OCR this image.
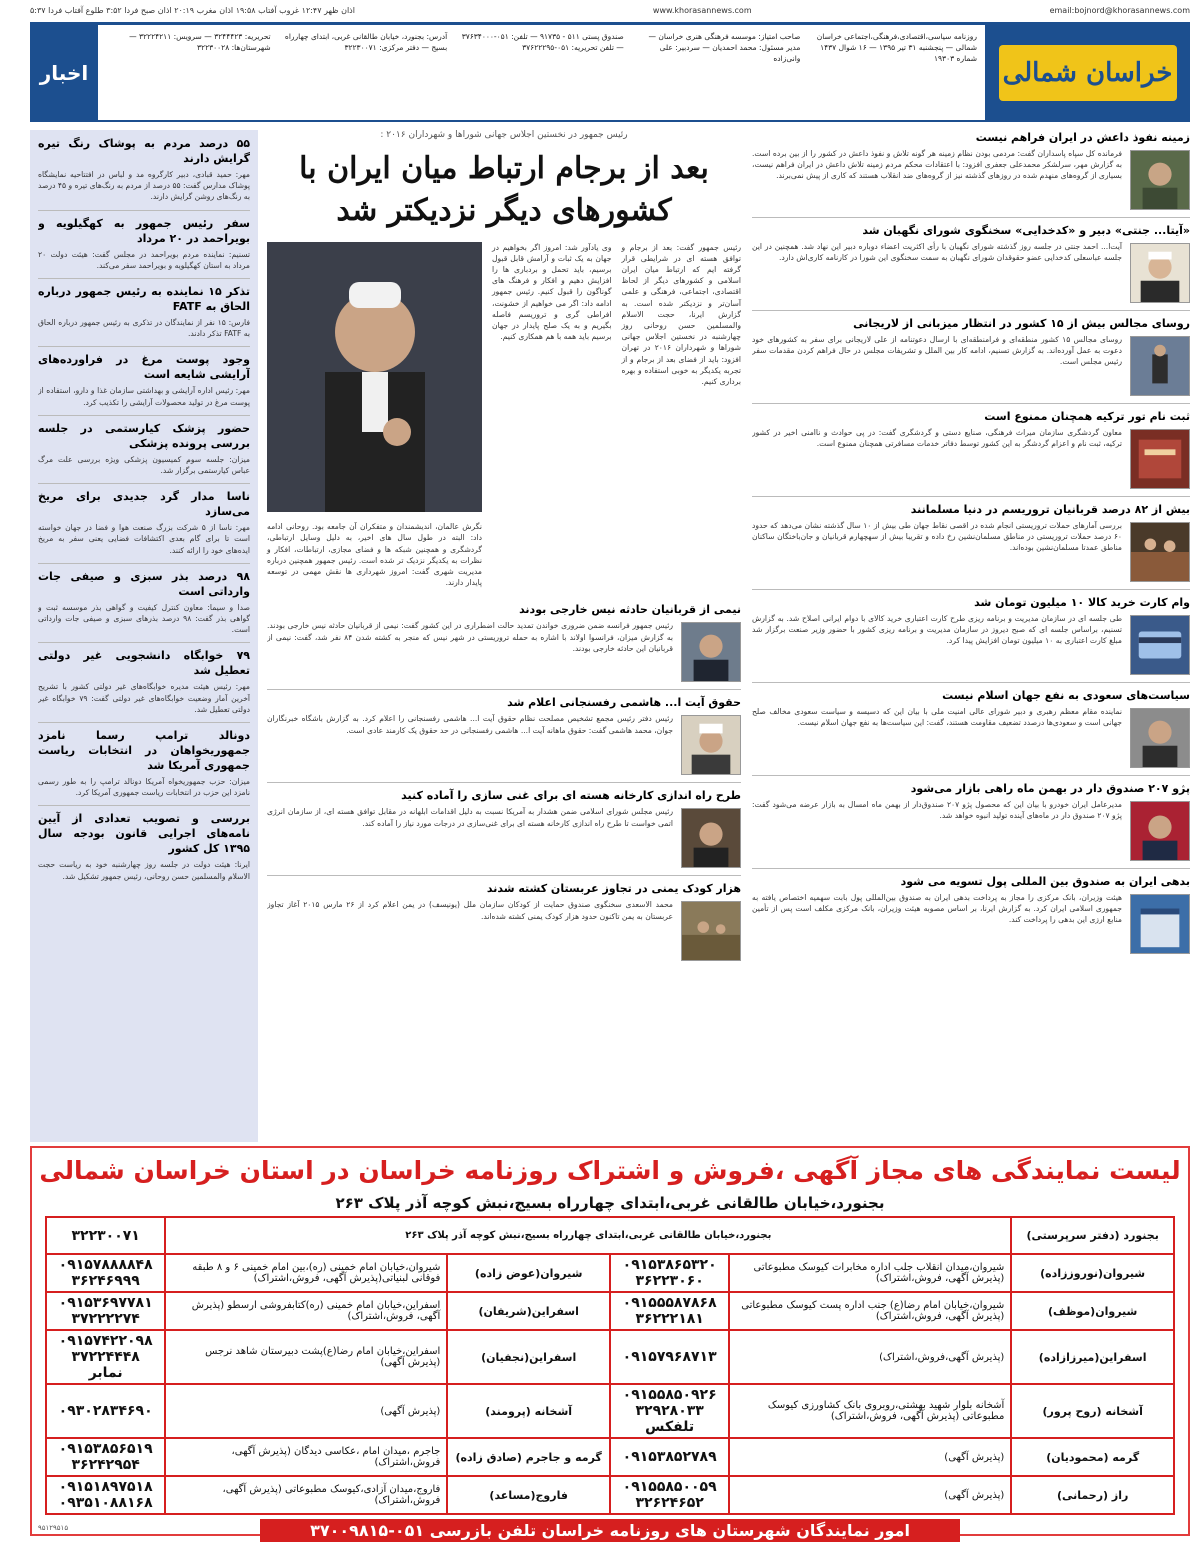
اذان ظهر ۱۲:۴۷ غروب آفتاب ۱۹:۵۸ اذان مغرب ۲۰:۱۹ اذان صبح فردا ۳:۵۲ طلوع آفتاب فردا ۵:۳۷	www.khorasannews.com	email:bojnord@khorasannews.com
خراسان شمالی
روزنامه سیاسی،اقتصادی،فرهنگی،اجتماعی خراسان شمالی — پنجشنبه ۳۱ تیر ۱۳۹۵ — ۱۶ شوال ۱۴۳۷ شماره ۱۹۳۰۳
صاحب امتیاز: موسسه فرهنگی هنری خراسان — مدیر مسئول: محمد احمدیان — سردبیر: علی وانی‌زاده
صندوق پستی ۵۱۱ - ۹۱۷۳۵ — تلفن: ۰۵۱-۳۷۶۳۴۰۰۰ — تلفن تحریریه: ۰۵۱-۳۷۶۲۲۲۹۵
آدرس: بجنورد، خیابان طالقانی غربی، ابتدای چهارراه بسیج — دفتر مرکزی: ۳۲۲۳۰۰۷۱
تحریریه: ۳۲۴۴۴۲۳ — سرویس: ۳۲۲۲۴۲۱۱ — شهرستان‌ها: ۳۲۲۳۰۰۲۸
اخبار
زمینه نفوذ داعش در ایران فراهم نیست

فرمانده کل سپاه پاسداران گفت: مردمی بودن نظام زمینه هر گونه تلاش و نفوذ داعش در کشور را از بین برده است. به گزارش مهر، سرلشکر محمدعلی جعفری افزود: با اعتقادات محکم مردم زمینه تلاش داعش در ایران فراهم نیست، بسیاری از گروه‌های منهدم شده در روزهای گذشته نیز از گروه‌های ضد انقلاب هستند که کاری از پیش نمی‌برند.

«آیتا... جنتی» دبیر و «کدخدایی» سخنگوی شورای نگهبان شد

آیت‌ا... احمد جنتی در جلسه روز گذشته شورای نگهبان با رأی اکثریت اعضاء دوباره دبیر این نهاد شد. همچنین در این جلسه عباسعلی کدخدایی عضو حقوقدان شورای نگهبان به سمت سخنگوی این شورا در کارنامه کاری‌اش دارد.

روسای مجالس بیش از ۱۵ کشور در انتظار میزبانی از لاریجانی

روسای مجالس ۱۵ کشور منطقه‌ای و فرامنطقه‌ای با ارسال دعوتنامه از علی لاریجانی برای سفر به کشورهای خود دعوت به عمل آورده‌اند. به گزارش تسنیم، ادامه کار بین الملل و تشریفات مجلس در حال فراهم کردن مقدمات سفر رئیس مجلس است.

ثبت نام تور ترکیه همچنان ممنوع است

معاون گردشگری سازمان میراث فرهنگی، صنایع دستی و گردشگری گفت: در پی حوادث و ناامنی اخیر در کشور ترکیه، ثبت نام و اعزام گردشگر به این کشور توسط دفاتر خدمات مسافرتی همچنان ممنوع است.

بیش از ۸۲ درصد قربانیان تروریسم در دنیا مسلمانند

بررسی آمارهای حملات تروریستی انجام شده در اقصی نقاط جهان طی بیش از ۱۰ سال گذشته نشان می‌دهد که حدود ۶۰ درصد حملات تروریستی در مناطق مسلمان‌نشین رخ داده و تقریبا بیش از سهچهارم قربانیان و جان‌باختگان ساکنان مناطق عمدتا مسلمان‌نشین بوده‌اند.

وام کارت خرید کالا ۱۰ میلیون تومان شد

طی جلسه ای در سازمان مدیریت و برنامه ریزی طرح کارت اعتباری خرید کالای با دوام ایرانی اصلاح شد. به گزارش تسنیم، براساس جلسه ای که صبح دیروز در سازمان مدیریت و برنامه ریزی کشور با حضور وزیر صنعت برگزار شد مبلغ کارت اعتباری به ۱۰ میلیون تومان افزایش پیدا کرد.

سیاست‌های سعودی به نفع جهان اسلام نیست

نماینده مقام معظم رهبری و دبیر شورای عالی امنیت ملی با بیان این که دسیسه و سیاست سعودی مخالف صلح جهانی است و سعودی‌ها درصدد تضعیف مقاومت هستند، گفت: این سیاست‌ها به نفع جهان اسلام نیست.

پژو ۲۰۷ صندوق دار در بهمن ماه راهی بازار می‌شود

مدیرعامل ایران خودرو با بیان این که محصول پژو ۲۰۷ صندوق‌دار از بهمن ماه امسال به بازار عرضه می‌شود گفت: پژو ۲۰۷ صندوق دار در ماه‌های آینده تولید انبوه خواهد شد.

بدهی ایران به صندوق بین المللی پول تسویه می شود

هیئت وزیران، بانک مرکزی را مجاز به پرداخت بدهی ایران به صندوق بین‌المللی پول بابت سهمیه اختصاص یافته به جمهوری اسلامی ایران کرد. به گزارش ایرنا، بر اساس مصوبه هیئت وزیران، بانک مرکزی مکلف است پس از تأمین منابع ارزی این بدهی را پرداخت کند.

رئیس جمهور در نخستین اجلاس جهانی شوراها و شهرداران ۲۰۱۶ :
بعد از برجام ارتباط میان ایران با کشورهای دیگر نزدیکتر شد
رئیس جمهور گفت: بعد از برجام و توافق هسته ای در شرایطی قرار گرفته ایم که ارتباط میان ایران اسلامی و کشورهای دیگر از لحاظ اقتصادی، اجتماعی، فرهنگی و علمی آسان‌تر و نزدیکتر شده است. به گزارش ایرنا، حجت الاسلام والمسلمین حسن روحانی روز چهارشنبه در نخستین اجلاس جهانی شوراها و شهرداران ۲۰۱۶ در تهران افزود: باید از فضای بعد از برجام و از تجربه یکدیگر به خوبی استفاده و بهره برداری کنیم.
وی یادآور شد: امروز اگر بخواهیم در جهان به یک ثبات و آرامش قابل قبول برسیم، باید تحمل و بردباری ها را افزایش دهیم و افکار و فرهنگ های گوناگون را قبول کنیم. رئیس جمهور ادامه داد: اگر می خواهیم از خشونت، افراطی گری و تروریسم فاصله بگیریم و به یک صلح پایدار در جهان برسیم باید همه با هم همکاری کنیم.
نگرش عالمان، اندیشمندان و متفکران آن جامعه بود. روحانی ادامه داد: البته در طول سال های اخیر، به دلیل وسایل ارتباطی، گردشگری و همچنین شبکه ها و فضای مجازی، ارتباطات، افکار و نظرات به یکدیگر نزدیک تر شده است. رئیس جمهور همچنین درباره مدیریت شهری گفت: امروز شهرداری ها نقش مهمی در توسعه پایدار دارند.
نیمی از قربانیان حادثه نیس خارجی بودند

رئیس جمهور فرانسه ضمن ضروری خواندن تمدید حالت اضطراری در این کشور گفت: نیمی از قربانیان حادثه نیس خارجی بودند. به گزارش میزان، فرانسوا اولاند با اشاره به حمله تروریستی در شهر نیس که منجر به کشته شدن ۸۴ نفر شد، گفت: نیمی از قربانیان این حادثه خارجی بودند.

حقوق آیت ا... هاشمی رفسنجانی اعلام شد

رئیس دفتر رئیس مجمع تشخیص مصلحت نظام حقوق آیت ا... هاشمی رفسنجانی را اعلام کرد. به گزارش باشگاه خبرنگاران جوان، محمد هاشمی گفت: حقوق ماهانه آیت ا... هاشمی رفسنجانی در حد حقوق یک کارمند عادی است.

طرح راه اندازی کارخانه هسته ای برای غنی سازی را آماده کنید

رئیس مجلس شورای اسلامی ضمن هشدار به آمریکا نسبت به دلیل اقدامات ابلهانه در مقابل توافق هسته ای، از سازمان انرژی اتمی خواست تا طرح راه اندازی کارخانه هسته ای برای غنی‌سازی در درجات مورد نیاز را آماده کند.

هزار کودک یمنی در تجاوز عربستان کشته شدند

محمد الاسعدی سخنگوی صندوق حمایت از کودکان سازمان ملل (یونیسف) در یمن اعلام کرد از ۲۶ مارس ۲۰۱۵ آغاز تجاوز عربستان به یمن تاکنون حدود هزار کودک یمنی کشته شده‌اند.

۵۵ درصد مردم به پوشاک رنگ تیره گرایش دارند

مهر: حمید قبادی، دبیر کارگروه مد و لباس در افتتاحیه نمایشگاه پوشاک مدارس گفت: ۵۵ درصد از مردم به رنگ‌های تیره و ۴۵ درصد به رنگ‌های روشن گرایش دارند.

سفر رئیس جمهور به کهگیلویه و بویراحمد در ۲۰ مرداد

تسنیم: نماینده مردم بویراحمد در مجلس گفت: هیئت دولت ۲۰ مرداد به استان کهگیلویه و بویراحمد سفر می‌کند.

تذکر ۱۵ نماینده به رئیس جمهور درباره الحاق به FATF

فارس: ۱۵ نفر از نمایندگان در تذکری به رئیس جمهور درباره الحاق به FATF تذکر دادند.

وجود پوست مرغ در فراورده‌های آرایشی شایعه است

مهر: رئیس اداره آرایشی و بهداشتی سازمان غذا و دارو، استفاده از پوست مرغ در تولید محصولات آرایشی را تکذیب کرد.

حضور پزشک کیارستمی در جلسه بررسی پرونده پزشکی

میزان: جلسه سوم کمیسیون پزشکی ویژه بررسی علت مرگ عباس کیارستمی برگزار شد.

ناسا مدار گرد جدیدی برای مریخ می‌سازد

مهر: ناسا از ۵ شرکت بزرگ صنعت هوا و فضا در جهان خواسته است تا برای گام بعدی اکتشافات فضایی یعنی سفر به مریخ ایده‌های خود را ارائه کنند.

۹۸ درصد بذر سبزی و صیفی جات وارداتی است

صدا و سیما: معاون کنترل کیفیت و گواهی بذر موسسه ثبت و گواهی بذر گفت: ۹۸ درصد بذرهای سبزی و صیفی جات وارداتی است.

۷۹ خوابگاه دانشجویی غیر دولتی تعطیل شد

مهر: رئیس هیئت مدیره خوابگاه‌های غیر دولتی کشور با تشریح آخرین آمار وضعیت خوابگاه‌های غیر دولتی گفت: ۷۹ خوابگاه غیر دولتی تعطیل شد.

دونالد ترامپ رسما نامزد جمهوریخواهان در انتخابات ریاست جمهوری آمریکا شد

میزان: حزب جمهوریخواه آمریکا دونالد ترامپ را به طور رسمی نامزد این حزب در انتخابات ریاست جمهوری آمریکا کرد.

بررسی و تصویب تعدادی از آیین نامه‌های اجرایی قانون بودجه سال ۱۳۹۵ کل کشور

ایرنا: هیئت دولت در جلسه روز چهارشنبه خود به ریاست حجت الاسلام والمسلمین حسن روحانی، رئیس جمهور تشکیل شد.

لیست نمایندگی های مجاز آگهی ،فروش و اشتراک روزنامه خراسان در استان خراسان شمالی
بجنورد،خیابان طالقانی غربی،ابتدای چهارراه بسیج،نبش کوچه آذر پلاک ۲۶۳
بجنورد (دفتر سرپرستی)	بجنورد،خیابان طالقانی غربی،ابتدای چهارراه بسیج،نبش کوچه آذر پلاک ۲۶۳				۳۲۲۳۰۰۷۱
شیروان(نوروززاده)	شیروان،میدان انقلاب جلب اداره مخابرات کیوسک مطبوعاتی (پذیرش آگهی، فروش،اشتراک)	۰۹۱۵۳۸۶۵۳۲۰ ۳۶۲۲۳۰۶۰	شیروان(عوض زاده)	شیروان،خیابان امام خمینی (ره)،بین امام خمینی ۶ و ۸ طبقه فوقانی لبنیاتی(پذیرش آگهی، فروش،اشتراک)	۰۹۱۵۷۸۸۸۸۴۸ ۳۶۲۴۶۹۹۹
شیروان(موظف)	شیروان،خیابان امام رضا(ع) جنب اداره پست کیوسک مطبوعاتی (پذیرش آگهی، فروش،اشتراک)	۰۹۱۵۵۵۸۷۸۶۸ ۳۶۲۲۲۱۸۱	اسفراین(شریفان)	اسفراین،خیابان امام خمینی (ره)کتابفروشی ارسطو (پذیرش آگهی، فروش،اشتراک)	۰۹۱۵۳۶۹۷۷۸۱ ۳۷۲۲۲۲۷۴
اسفراین(میرزازاده)	(پذیرش آگهی،فروش،اشتراک)	۰۹۱۵۷۹۶۸۷۱۳	اسفراین(نجفیان)	اسفراین،خیابان امام رضا(ع)پشت دبیرستان شاهد نرجس (پذیرش آگهی)	۰۹۱۵۷۴۲۲۰۹۸ ۳۷۲۲۴۴۴۸ نمابر
آشخانه (روح پرور)	آشخانه بلوار شهید بهشتی،روبروی بانک کشاورزی کیوسک مطبوعاتی (پذیرش آگهی، فروش،اشتراک)	۰۹۱۵۵۸۵۰۹۲۶ ۳۲۹۲۸۰۳۳ تلفکس	آشخانه (پرومند)	(پذیرش آگهی)	۰۹۳۰۲۸۳۴۶۹۰
گرمه (محمودیان)	(پذیرش آگهی)	۰۹۱۵۳۸۵۲۷۸۹	گرمه و جاجرم (صادق زاده)	جاجرم ،میدان امام ،عکاسی دیدگان (پذیرش آگهی، فروش،اشتراک)	۰۹۱۵۳۸۵۶۵۱۹ ۳۶۲۴۲۹۵۴
راز (رحمانی)	(پذیرش آگهی)	۰۹۱۵۵۸۵۰۰۵۹ ۳۲۶۲۴۶۵۲	فاروج(مساعد)	فاروج،میدان آزادی،کیوسک مطبوعاتی (پذیرش آگهی، فروش،اشتراک)	۰۹۱۵۱۸۹۷۵۱۸ ۰۹۳۵۱۰۸۸۱۶۸
امور نمایندگان شهرستان های روزنامه خراسان تلفن بازرسی ۰۵۱-۳۷۰۰۹۸۱۵
۹۵۱۲۹۵۱۵
